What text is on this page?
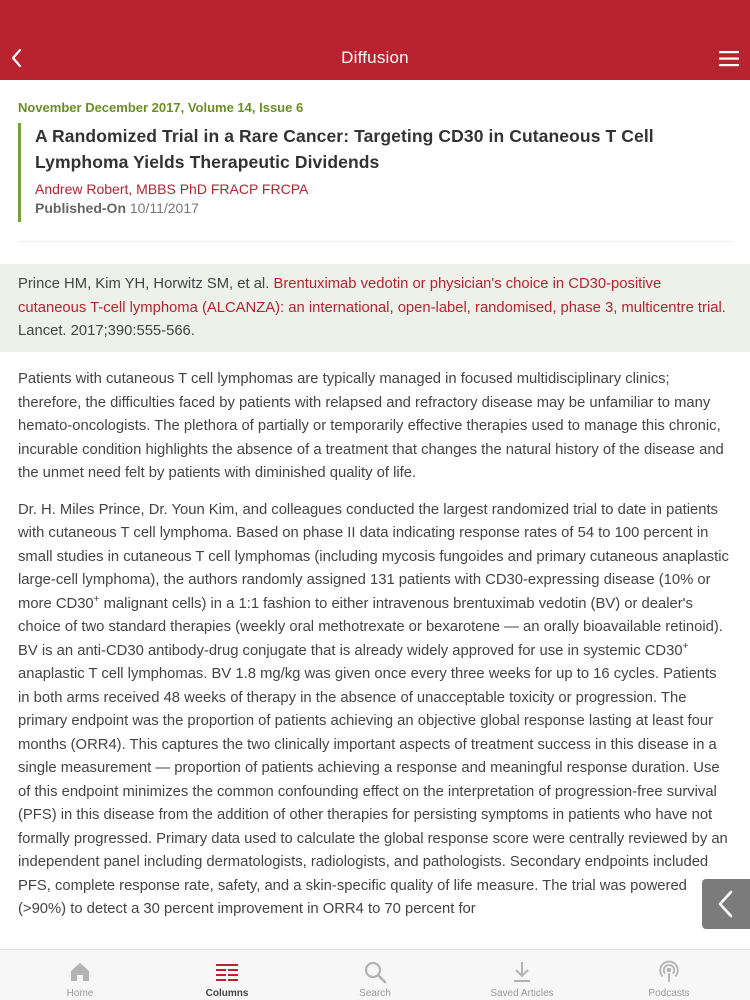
Diffusion
November December 2017, Volume 14, Issue 6
A Randomized Trial in a Rare Cancer: Targeting CD30 in Cutaneous T Cell Lymphoma Yields Therapeutic Dividends
Andrew Robert, MBBS PhD FRACP FRCPA
Published-On 10/11/2017
Prince HM, Kim YH, Horwitz SM, et al. Brentuximab vedotin or physician's choice in CD30-positive cutaneous T-cell lymphoma (ALCANZA): an international, open-label, randomised, phase 3, multicentre trial. Lancet. 2017;390:555-566.

Patients with cutaneous T cell lymphomas are typically managed in focused multidisciplinary clinics; therefore, the difficulties faced by patients with relapsed and refractory disease may be unfamiliar to many hemato-oncologists. The plethora of partially or temporarily effective therapies used to manage this chronic, incurable condition highlights the absence of a treatment that changes the natural history of the disease and the unmet need felt by patients with diminished quality of life.

Dr. H. Miles Prince, Dr. Youn Kim, and colleagues conducted the largest randomized trial to date in patients with cutaneous T cell lymphoma. Based on phase II data indicating response rates of 54 to 100 percent in small studies in cutaneous T cell lymphomas (including mycosis fungoides and primary cutaneous anaplastic large-cell lymphoma), the authors randomly assigned 131 patients with CD30-expressing disease (10% or more CD30+ malignant cells) in a 1:1 fashion to either intravenous brentuximab vedotin (BV) or dealer's choice of two standard therapies (weekly oral methotrexate or bexarotene — an orally bioavailable retinoid). BV is an anti-CD30 antibody-drug conjugate that is already widely approved for use in systemic CD30+ anaplastic T cell lymphomas. BV 1.8 mg/kg was given once every three weeks for up to 16 cycles. Patients in both arms received 48 weeks of therapy in the absence of unacceptable toxicity or progression. The primary endpoint was the proportion of patients achieving an objective global response lasting at least four months (ORR4). This captures the two clinically important aspects of treatment success in this disease in a single measurement — proportion of patients achieving a response and meaningful response duration. Use of this endpoint minimizes the common confounding effect on the interpretation of progression-free survival (PFS) in this disease from the addition of other therapies for persisting symptoms in patients who have not formally progressed. Primary data used to calculate the global response score were centrally reviewed by an independent panel including dermatologists, radiologists, and pathologists. Secondary endpoints included PFS, complete response rate, safety, and a skin-specific quality of life measure. The trial was powered (>90%) to detect a 30 percent improvement in ORR4 to 70 percent for

Home	Columns	Search	Saved Articles	Podcasts
